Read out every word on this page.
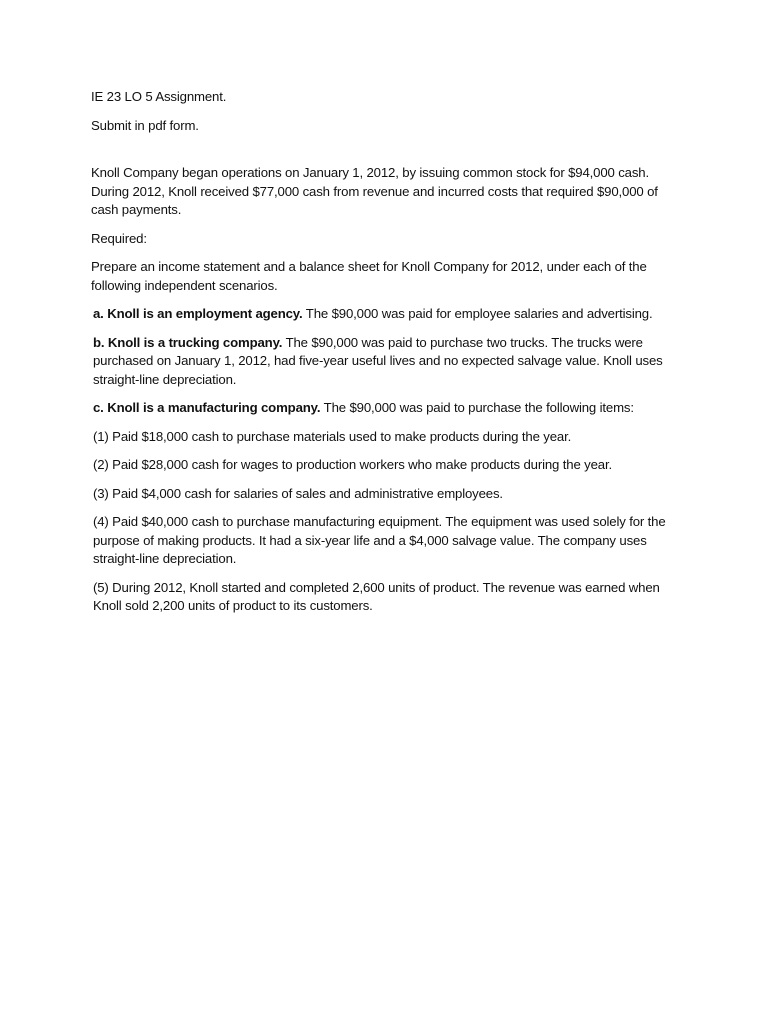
IE 23 LO 5 Assignment.

Submit in pdf form.

Knoll Company began operations on January 1, 2012, by issuing common stock for $94,000 cash. During 2012, Knoll received $77,000 cash from revenue and incurred costs that required $90,000 of cash payments.

Required:

Prepare an income statement and a balance sheet for Knoll Company for 2012, under each of the following independent scenarios.

a. Knoll is an employment agency. The $90,000 was paid for employee salaries and advertising.

b. Knoll is a trucking company. The $90,000 was paid to purchase two trucks. The trucks were purchased on January 1, 2012, had five-year useful lives and no expected salvage value. Knoll uses straight-line depreciation.

c. Knoll is a manufacturing company. The $90,000 was paid to purchase the following items:

(1) Paid $18,000 cash to purchase materials used to make products during the year.

(2) Paid $28,000 cash for wages to production workers who make products during the year.

(3) Paid $4,000 cash for salaries of sales and administrative employees.

(4) Paid $40,000 cash to purchase manufacturing equipment. The equipment was used solely for the purpose of making products. It had a six-year life and a $4,000 salvage value. The company uses straight-line depreciation.

(5) During 2012, Knoll started and completed 2,600 units of product. The revenue was earned when Knoll sold 2,200 units of product to its customers.
